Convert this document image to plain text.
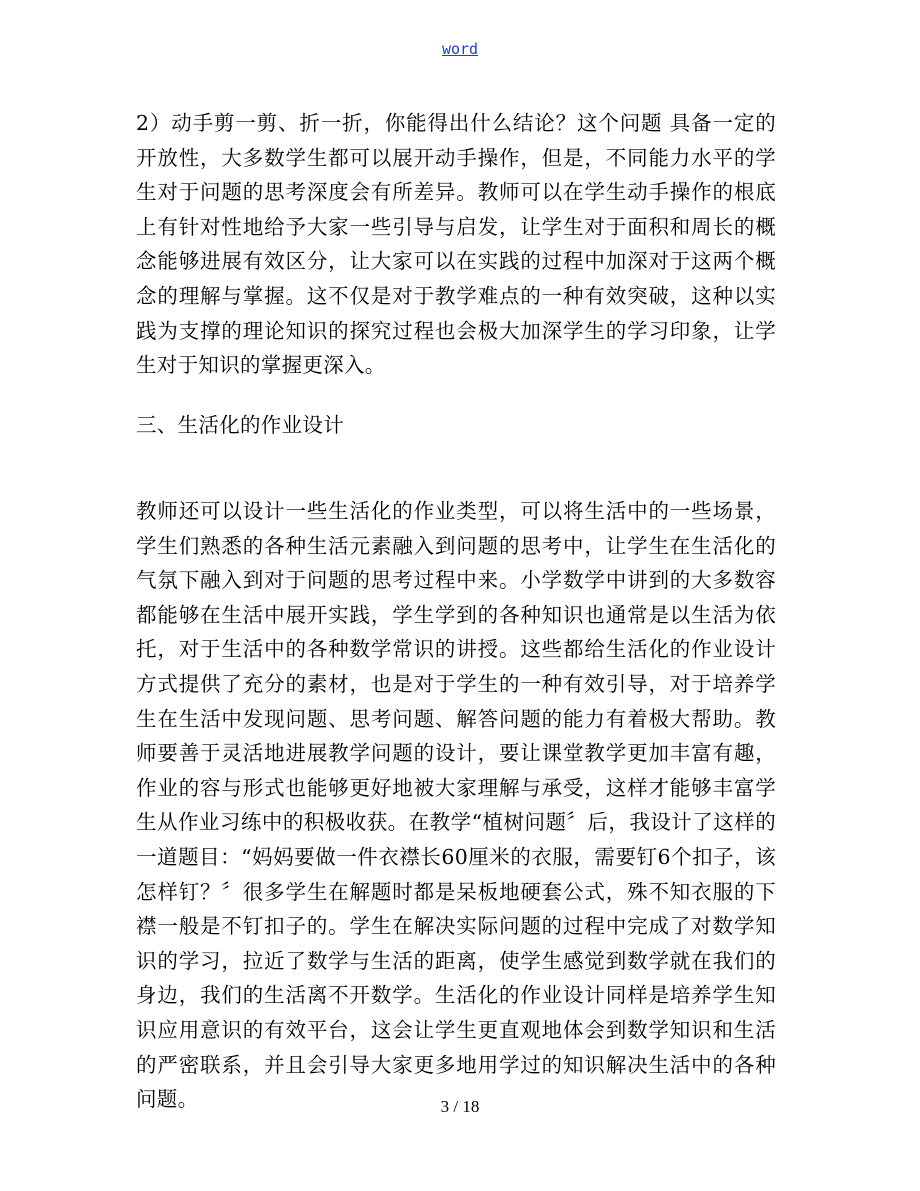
word

2）动手剪一剪、折一折，你能得出什么结论？这个问题 具备一定的开放性，大多数学生都可以展开动手操作，但是，不同能力水平的学生对于问题的思考深度会有所差异。教师可以在学生动手操作的根底上有针对性地给予大家一些引导与启发，让学生对于面积和周长的概念能够进展有效区分，让大家可以在实践的过程中加深对于这两个概念的理解与掌握。这不仅是对于教学难点的一种有效突破，这种以实践为支撑的理论知识的探究过程也会极大加深学生的学习印象，让学生对于知识的掌握更深入。

三、生活化的作业设计

教师还可以设计一些生活化的作业类型，可以将生活中的一些场景，学生们熟悉的各种生活元素融入到问题的思考中，让学生在生活化的气氛下融入到对于问题的思考过程中来。小学数学中讲到的大多数容都能够在生活中展开实践，学生学到的各种知识也通常是以生活为依托，对于生活中的各种数学常识的讲授。这些都给生活化的作业设计方式提供了充分的素材，也是对于学生的一种有效引导，对于培养学生在生活中发现问题、思考问题、解答问题的能力有着极大帮助。教师要善于灵活地进展教学问题的设计，要让课堂教学更加丰富有趣，作业的容与形式也能够更好地被大家理解与承受，这样才能够丰富学生从作业习练中的积极收获。在教学“植树问题〞后，我设计了这样的一道题目：“妈妈要做一件衣襟长60厘米的衣服，需要钉6个扣子，该怎样钉？〞很多学生在解题时都是呆板地硬套公式，殊不知衣服的下襟一般是不钉扣子的。学生在解决实际问题的过程中完成了对数学知识的学习，拉近了数学与生活的距离，使学生感觉到数学就在我们的身边，我们的生活离不开数学。生活化的作业设计同样是培养学生知识应用意识的有效平台，这会让学生更直观地体会到数学知识和生活的严密联系，并且会引导大家更多地用学过的知识解决生活中的各种问题。	3 / 18
